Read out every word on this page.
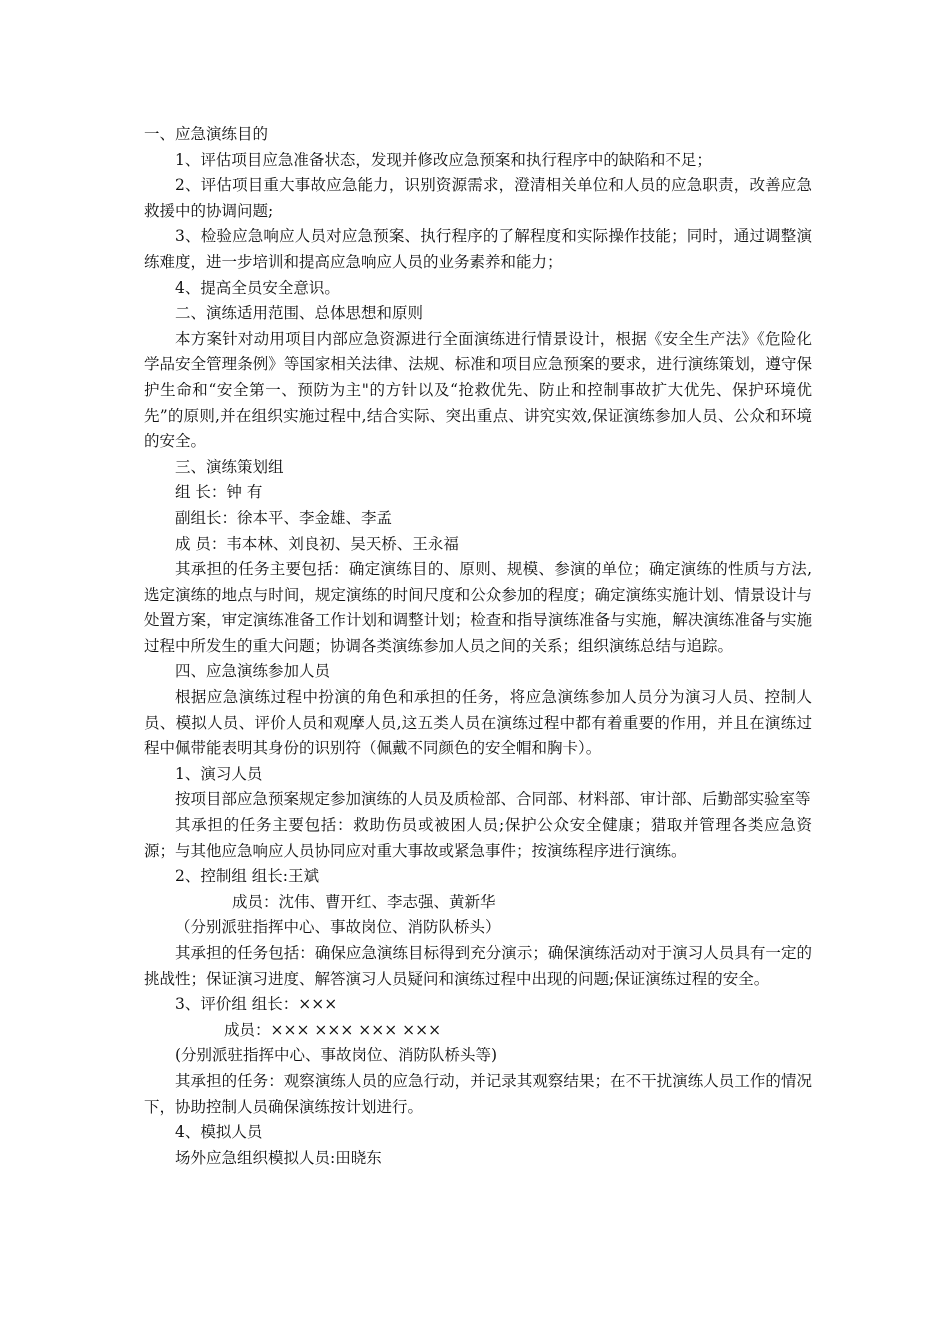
一、应急演练目的

1、评估项目应急准备状态，发现并修改应急预案和执行程序中的缺陷和不足；

2、评估项目重大事故应急能力，识别资源需求，澄清相关单位和人员的应急职责，改善应急救援中的协调问题;

3、检验应急响应人员对应急预案、执行程序的了解程度和实际操作技能；同时，通过调整演练难度，进一步培训和提高应急响应人员的业务素养和能力；

4、提高全员安全意识。

二、演练适用范围、总体思想和原则

本方案针对动用项目内部应急资源进行全面演练进行情景设计，根据《安全生产法》《危险化学品安全管理条例》等国家相关法律、法规、标准和项目应急预案的要求，进行演练策划，遵守保护生命和“安全第一、预防为主"的方针以及“抢救优先、防止和控制事故扩大优先、保护环境优先”的原则,并在组织实施过程中,结合实际、突出重点、讲究实效,保证演练参加人员、公众和环境的安全。

三、演练策划组

组 长：钟 有

副组长：徐本平、李金雄、李孟

成 员：韦本林、刘良初、吴天桥、王永福

其承担的任务主要包括：确定演练目的、原则、规模、参演的单位；确定演练的性质与方法,选定演练的地点与时间，规定演练的时间尺度和公众参加的程度；确定演练实施计划、情景设计与处置方案，审定演练准备工作计划和调整计划；检查和指导演练准备与实施，解决演练准备与实施过程中所发生的重大问题；协调各类演练参加人员之间的关系；组织演练总结与追踪。

四、应急演练参加人员

根据应急演练过程中扮演的角色和承担的任务，将应急演练参加人员分为演习人员、控制人员、模拟人员、评价人员和观摩人员,这五类人员在演练过程中都有着重要的作用，并且在演练过程中佩带能表明其身份的识别符（佩戴不同颜色的安全帽和胸卡）。

1、演习人员

按项目部应急预案规定参加演练的人员及质检部、合同部、材料部、审计部、后勤部实验室等

其承担的任务主要包括：救助伤员或被困人员;保护公众安全健康；猎取并管理各类应急资源；与其他应急响应人员协同应对重大事故或紧急事件；按演练程序进行演练。

2、控制组 组长:王斌

成员：沈伟、曹开红、李志强、黄新华

（分别派驻指挥中心、事故岗位、消防队桥头）

其承担的任务包括：确保应急演练目标得到充分演示；确保演练活动对于演习人员具有一定的挑战性；保证演习进度、解答演习人员疑问和演练过程中出现的问题;保证演练过程的安全。

3、评价组 组长：×××

成员：××× ××× ××× ×××

(分别派驻指挥中心、事故岗位、消防队桥头等)

其承担的任务：观察演练人员的应急行动，并记录其观察结果；在不干扰演练人员工作的情况下，协助控制人员确保演练按计划进行。

4、模拟人员

场外应急组织模拟人员:田晓东
